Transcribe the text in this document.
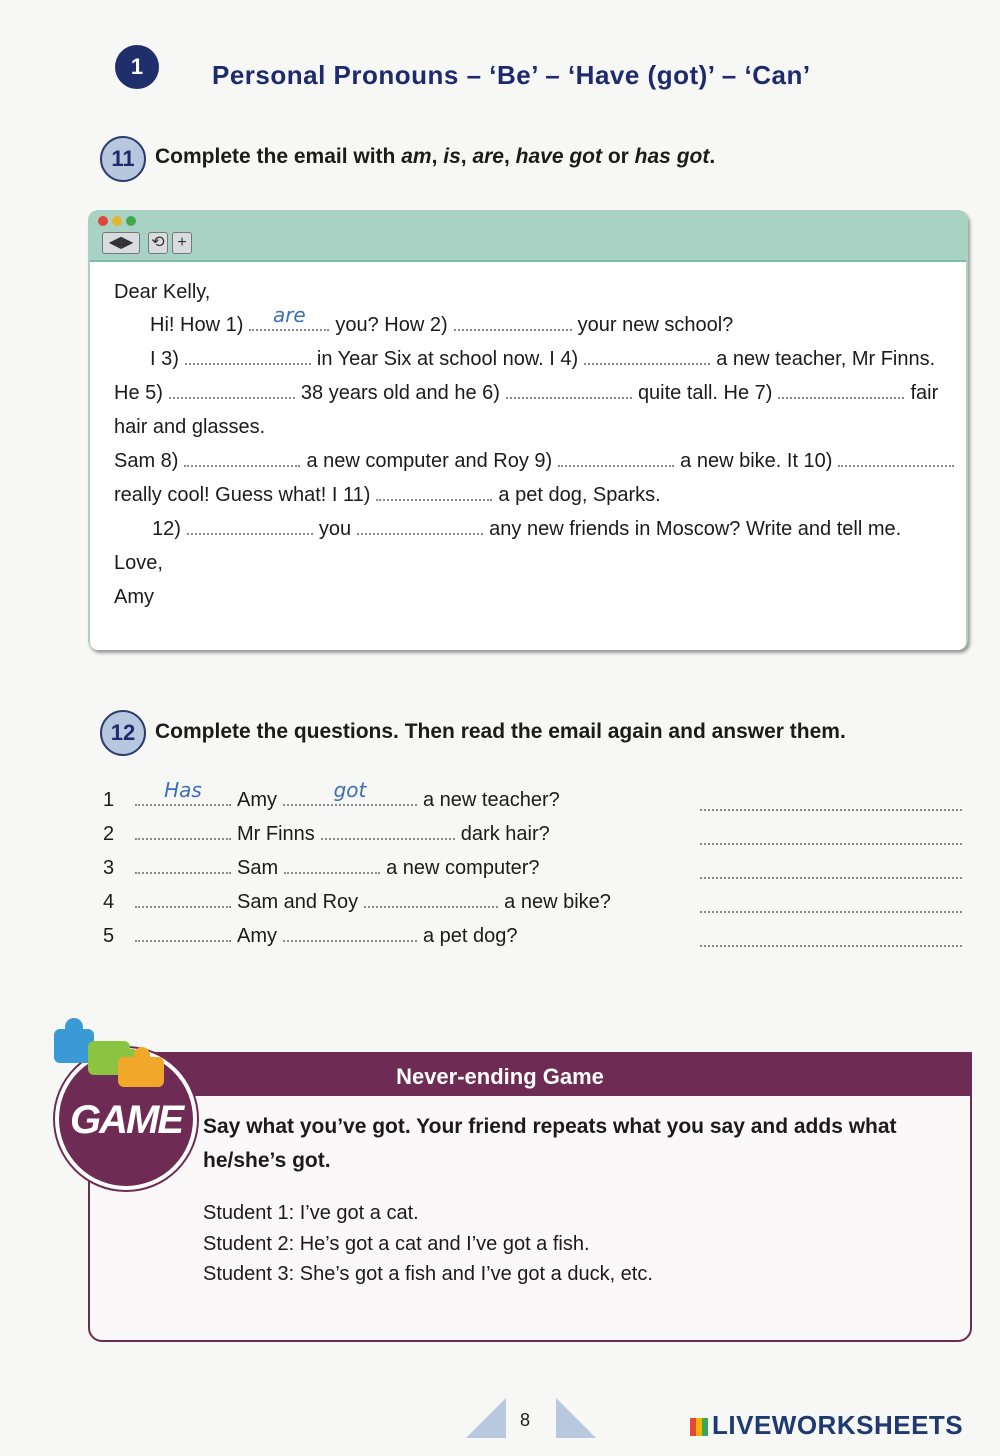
1	Personal Pronouns – ‘Be’ – ‘Have (got)’ – ‘Can’
11 Complete the email with am, is, are, have got or has got.
◀▶	⟲ +
Dear Kelly,
Hi! How 1)	are	you? How 2)	your new school?
I 3)	in Year Six at school now. I 4)	a new teacher, Mr Finns.
He 5)	38 years old and he 6)	quite tall. He 7)	fair
hair and glasses.
Sam 8)	a new computer and Roy 9)	a new bike. It 10)
really cool! Guess what! I 11)	a pet dog, Sparks.
12)	you	any new friends in Moscow? Write and tell me.
Love,
Amy
12 Complete the questions. Then read the email again and answer them.
1	Has	Amy	got	a new teacher?
2	Mr Finns	dark hair?
3	Sam	a new computer?
4	Sam and Roy	a new bike?
5	Amy	a pet dog?
Never-ending Game
GAME	Say what you’ve got. Your friend repeats what you say and adds what he/she’s got.
Student 1: I’ve got a cat.
Student 2: He’s got a cat and I’ve got a fish.
Student 3: She’s got a fish and I’ve got a duck, etc.
8	LIVEWORKSHEETS
